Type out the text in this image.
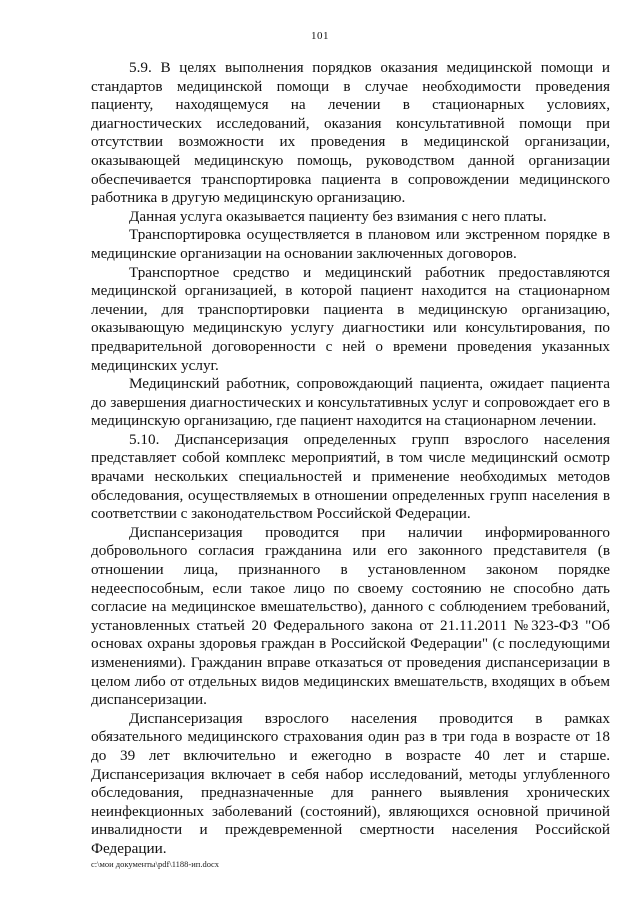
101

5.9. В целях выполнения порядков оказания медицинской помощи и стандартов медицинской помощи в случае необходимости проведения пациенту, находящемуся на лечении в стационарных условиях, диагностических исследований, оказания консультативной помощи при отсутствии возможности их проведения в медицинской организации, оказывающей медицинскую помощь, руководством данной организации обеспечивается транспортировка пациента в сопровождении медицинского работника в другую медицинскую организацию.

Данная услуга оказывается пациенту без взимания с него платы.

Транспортировка осуществляется в плановом или экстренном порядке в медицинские организации на основании заключенных договоров.

Транспортное средство и медицинский работник предоставляются медицинской организацией, в которой пациент находится на стационарном лечении, для транспортировки пациента в медицинскую организацию, оказывающую медицинскую услугу диагностики или консультирования, по предварительной договоренности с ней о времени проведения указанных медицинских услуг.

Медицинский работник, сопровождающий пациента, ожидает пациента до завершения диагностических и консультативных услуг и сопровождает его в медицинскую организацию, где пациент находится на стационарном лечении.

5.10. Диспансеризация определенных групп взрослого населения представляет собой комплекс мероприятий, в том числе медицинский осмотр врачами нескольких специальностей и применение необходимых методов обследования, осуществляемых в отношении определенных групп населения в соответствии с законодательством Российской Федерации.

Диспансеризация проводится при наличии информированного добровольного согласия гражданина или его законного представителя (в отношении лица, признанного в установленном законом порядке недееспособным, если такое лицо по своему состоянию не способно дать согласие на медицинское вмешательство), данного с соблюдением требований, установленных статьей 20 Федерального закона от 21.11.2011 №323-ФЗ "Об основах охраны здоровья граждан в Российской Федерации" (с последующими изменениями). Гражданин вправе отказаться от проведения диспансеризации в целом либо от отдельных видов медицинских вмешательств, входящих в объем диспансеризации.

Диспансеризация взрослого населения проводится в рамках обязательного медицинского страхования один раз в три года в возрасте от 18 до 39 лет включительно и ежегодно в возрасте 40 лет и старше. Диспансеризация включает в себя набор исследований, методы углубленного обследования, предназначенные для раннего выявления хронических неинфекционных заболеваний (состояний), являющихся основной причиной инвалидности и преждевременной смертности населения Российской Федерации.

c:\мои документы\pdf\1188-ип.docx
